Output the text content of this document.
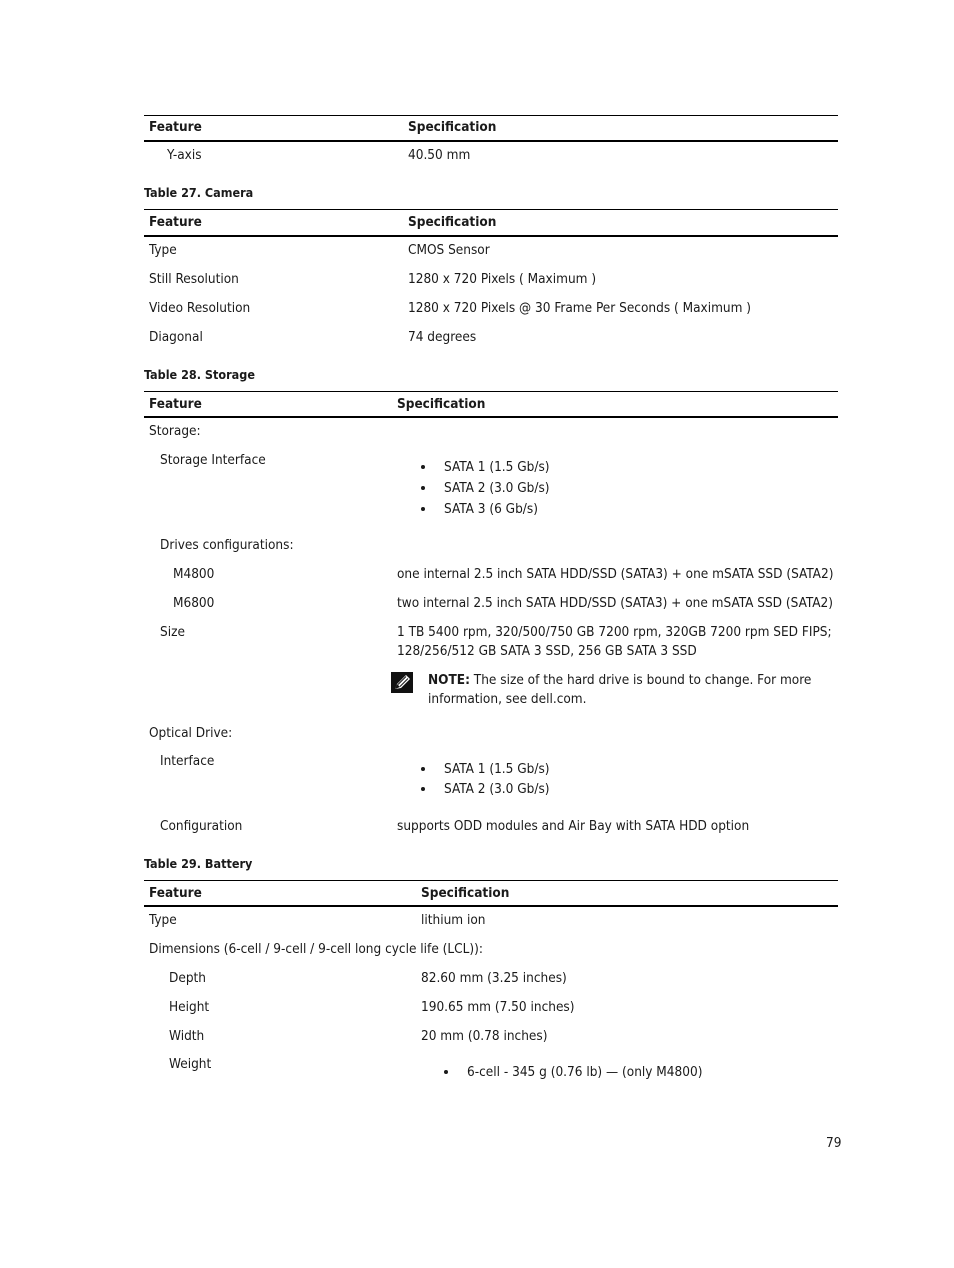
Feature	Specification
Y-axis	40.50 mm
Table 27. Camera
Feature	Specification
Type	CMOS Sensor
Still Resolution	1280 x 720 Pixels ( Maximum )
Video Resolution	1280 x 720 Pixels @ 30 Frame Per Seconds ( Maximum )
Diagonal	74 degrees
Table 28. Storage
Feature	Specification
Storage:
Storage Interface	SATA 1 (1.5 Gb/s)
SATA 2 (3.0 Gb/s)
SATA 3 (6 Gb/s)
Drives configurations:
M4800	one internal 2.5 inch SATA HDD/SSD (SATA3) + one mSATA SSD (SATA2)
M6800	two internal 2.5 inch SATA HDD/SSD (SATA3) + one mSATA SSD (SATA2)
Size	1 TB 5400 rpm, 320/500/750 GB 7200 rpm, 320GB 7200 rpm SED FIPS;
128/256/512 GB SATA 3 SSD, 256 GB SATA 3 SSD
NOTE: The size of the hard drive is bound to change. For more
information, see dell.com.
Optical Drive:
Interface	SATA 1 (1.5 Gb/s)
SATA 2 (3.0 Gb/s)
Configuration	supports ODD modules and Air Bay with SATA HDD option
Table 29. Battery
Feature	Specification
Type	lithium ion
Dimensions (6-cell / 9-cell / 9-cell long cycle life (LCL)):
Depth	82.60 mm (3.25 inches)
Height	190.65 mm (7.50 inches)
Width	20 mm (0.78 inches)
Weight	6-cell - 345 g (0.76 lb) — (only M4800)
79
